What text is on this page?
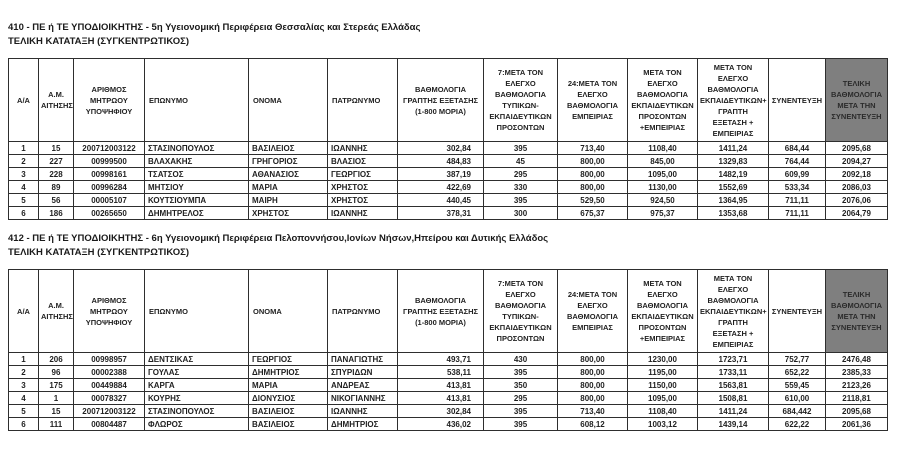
410 - ΠΕ ή ΤΕ ΥΠΟΔΙΟΙΚΗΤΗΣ - 5η Υγειονομική Περιφέρεια Θεσσαλίας και Στερεάς Ελλάδας
ΤΕΛΙΚΗ ΚΑΤΑΤΑΞΗ (ΣΥΓΚΕΝΤΡΩΤΙΚΟΣ)
Α/Α	Α.Μ. ΑΙΤΗΣΗΣ	ΑΡΙΘΜΟΣ ΜΗΤΡΩΟΥ ΥΠΟΨΗΦΙΟΥ	ΕΠΩΝΥΜΟ	ΟΝΟΜΑ	ΠΑΤΡΩΝΥΜΟ	ΒΑΘΜΟΛΟΓΙΑ ΓΡΑΠΤΗΣ ΕΞΕΤΑΣΗΣ (1-800 ΜΟΡΙΑ)	7:ΜΕΤΑ ΤΟΝ ΕΛΕΓΧΟ ΒΑΘΜΟΛΟΓΙΑ ΤΥΠΙΚΩΝ-ΕΚΠΑΙΔΕΥΤΙΚΩΝ ΠΡΟΣΟΝΤΩΝ	24:ΜΕΤΑ ΤΟΝ ΕΛΕΓΧΟ ΒΑΘΜΟΛΟΓΙΑ ΕΜΠΕΙΡΙΑΣ	ΜΕΤΑ ΤΟΝ ΕΛΕΓΧΟ ΒΑΘΜΟΛΟΓΙΑ ΕΚΠΑΙΔΕΥΤΙΚΩΝ ΠΡΟΣΟΝΤΩΝ +ΕΜΠΕΙΡΙΑΣ	ΜΕΤΑ ΤΟΝ ΕΛΕΓΧΟ ΒΑΘΜΟΛΟΓΙΑ ΕΚΠΑΙΔΕΥΤΙΚΩΝ+ ΓΡΑΠΤΗ ΕΞΕΤΑΣΗ + ΕΜΠΕΙΡΙΑΣ	ΣΥΝΕΝΤΕΥΞΗ	ΤΕΛΙΚΗ ΒΑΘΜΟΛΟΓΙΑ ΜΕΤΑ ΤΗΝ ΣΥΝΕΝΤΕΥΞΗ
1	15	200712003122	ΣΤΑΣΙΝΟΠΟΥΛΟΣ	ΒΑΣΙΛΕΙΟΣ	ΙΩΑΝΝΗΣ	302,84	395	713,40	1108,40	1411,24	684,44	2095,68
2	227	00999500	ΒΛΑΧΑΚΗΣ	ΓΡΗΓΟΡΙΟΣ	ΒΛΑΣΙΟΣ	484,83	45	800,00	845,00	1329,83	764,44	2094,27
3	228	00998161	ΤΣΑΤΣΟΣ	ΑΘΑΝΑΣΙΟΣ	ΓΕΩΡΓΙΟΣ	387,19	295	800,00	1095,00	1482,19	609,99	2092,18
4	89	00996284	ΜΗΤΣΙΟΥ	ΜΑΡΙΑ	ΧΡΗΣΤΟΣ	422,69	330	800,00	1130,00	1552,69	533,34	2086,03
5	56	00005107	ΚΟΥΤΣΙΟΥΜΠΑ	ΜΑΙΡΗ	ΧΡΗΣΤΟΣ	440,45	395	529,50	924,50	1364,95	711,11	2076,06
6	186	00265650	ΔΗΜΗΤΡΕΛΟΣ	ΧΡΗΣΤΟΣ	ΙΩΑΝΝΗΣ	378,31	300	675,37	975,37	1353,68	711,11	2064,79
412 - ΠΕ ή ΤΕ ΥΠΟΔΙΟΙΚΗΤΗΣ - 6η Υγειονομική Περιφέρεια Πελοποννήσου,Ιονίων Νήσων,Ηπείρου και Δυτικής Ελλάδος
ΤΕΛΙΚΗ ΚΑΤΑΤΑΞΗ (ΣΥΓΚΕΝΤΡΩΤΙΚΟΣ)
Α/Α	Α.Μ. ΑΙΤΗΣΗΣ	ΑΡΙΘΜΟΣ ΜΗΤΡΩΟΥ ΥΠΟΨΗΦΙΟΥ	ΕΠΩΝΥΜΟ	ΟΝΟΜΑ	ΠΑΤΡΩΝΥΜΟ	ΒΑΘΜΟΛΟΓΙΑ ΓΡΑΠΤΗΣ ΕΞΕΤΑΣΗΣ (1-800 ΜΟΡΙΑ)	7:ΜΕΤΑ ΤΟΝ ΕΛΕΓΧΟ ΒΑΘΜΟΛΟΓΙΑ ΤΥΠΙΚΩΝ-ΕΚΠΑΙΔΕΥΤΙΚΩΝ ΠΡΟΣΟΝΤΩΝ	24:ΜΕΤΑ ΤΟΝ ΕΛΕΓΧΟ ΒΑΘΜΟΛΟΓΙΑ ΕΜΠΕΙΡΙΑΣ	ΜΕΤΑ ΤΟΝ ΕΛΕΓΧΟ ΒΑΘΜΟΛΟΓΙΑ ΕΚΠΑΙΔΕΥΤΙΚΩΝ ΠΡΟΣΟΝΤΩΝ +ΕΜΠΕΙΡΙΑΣ	ΜΕΤΑ ΤΟΝ ΕΛΕΓΧΟ ΒΑΘΜΟΛΟΓΙΑ ΕΚΠΑΙΔΕΥΤΙΚΩΝ+ ΓΡΑΠΤΗ ΕΞΕΤΑΣΗ + ΕΜΠΕΙΡΙΑΣ	ΣΥΝΕΝΤΕΥΞΗ	ΤΕΛΙΚΗ ΒΑΘΜΟΛΟΓΙΑ ΜΕΤΑ ΤΗΝ ΣΥΝΕΝΤΕΥΞΗ
1	206	00998957	ΔΕΝΤΣΙΚΑΣ	ΓΕΩΡΓΙΟΣ	ΠΑΝΑΓΙΩΤΗΣ	493,71	430	800,00	1230,00	1723,71	752,77	2476,48
2	96	00002388	ΓΟΥΛΑΣ	ΔΗΜΗΤΡΙΟΣ	ΣΠΥΡΙΔΩΝ	538,11	395	800,00	1195,00	1733,11	652,22	2385,33
3	175	00449884	ΚΑΡΓΑ	ΜΑΡΙΑ	ΑΝΔΡΕΑΣ	413,81	350	800,00	1150,00	1563,81	559,45	2123,26
4	1	00078327	ΚΟΥΡΗΣ	ΔΙΟΝΥΣΙΟΣ	ΝΙΚΟΓΙΑΝΝΗΣ	413,81	295	800,00	1095,00	1508,81	610,00	2118,81
5	15	200712003122	ΣΤΑΣΙΝΟΠΟΥΛΟΣ	ΒΑΣΙΛΕΙΟΣ	ΙΩΑΝΝΗΣ	302,84	395	713,40	1108,40	1411,24	684,442	2095,68
6	111	00804487	ΦΛΩΡΟΣ	ΒΑΣΙΛΕΙΟΣ	ΔΗΜΗΤΡΙΟΣ	436,02	395	608,12	1003,12	1439,14	622,22	2061,36
